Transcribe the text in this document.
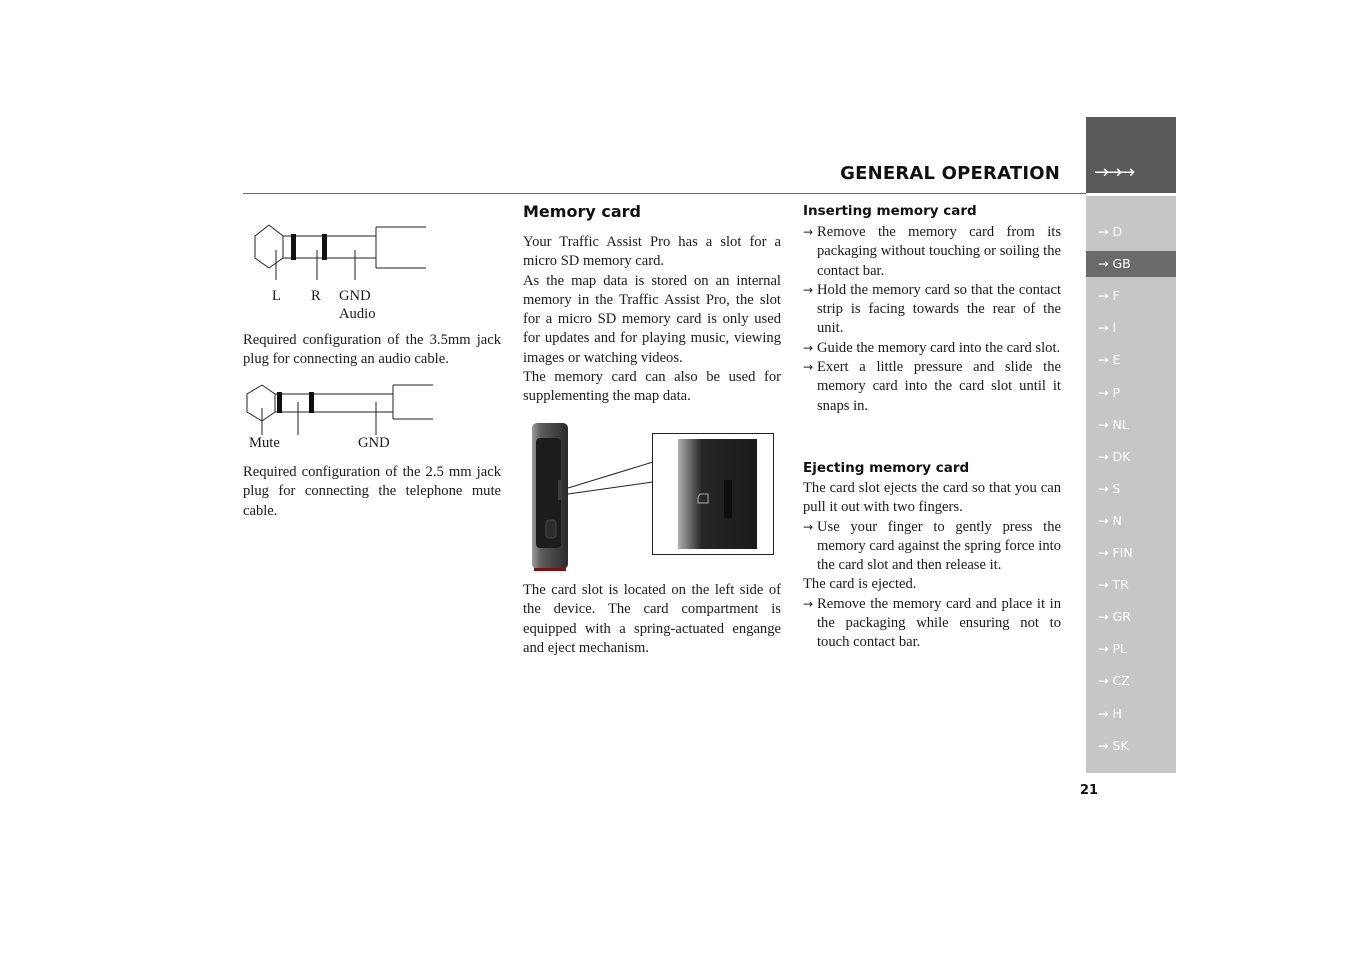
GENERAL OPERATION →→→
→ D
→ GB
→ F
→ I
→ E
→ P
→ NL
→ DK
→ S
→ N
→ FIN
→ TR
→ GR
→ PL
→ CZ
→ H
→ SK
21
L R GND
Audio
Required configuration of the 3.5mm jack plug for connecting an audio cable.
Mute	GND
Required configuration of the 2.5 mm jack plug for connecting the telephone mute cable.
Memory card

Your Traffic Assist Pro has a slot for a micro SD memory card.

As the map data is stored on an internal memory in the Traffic Assist Pro, the slot for a micro SD memory card is only used for updates and for playing music, viewing images or watching videos.

The memory card can also be used for supplementing the map data.

The card slot is located on the left side of the device. The card compartment is equipped with a spring-actuated engange and eject mechanism.
Inserting memory card
→ Remove the memory card from its packaging without touching or soiling the contact bar.
→ Hold the memory card so that the contact strip is facing towards the rear of the unit.
→ Guide the memory card into the card slot.
→ Exert a little pressure and slide the memory card into the card slot until it snaps in.
Ejecting memory card

The card slot ejects the card so that you can pull it out with two fingers.

→ Use your finger to gently press the memory card against the spring force into the card slot and then release it.

The card is ejected.

→ Remove the memory card and place it in the packaging while ensuring not to touch contact bar.
